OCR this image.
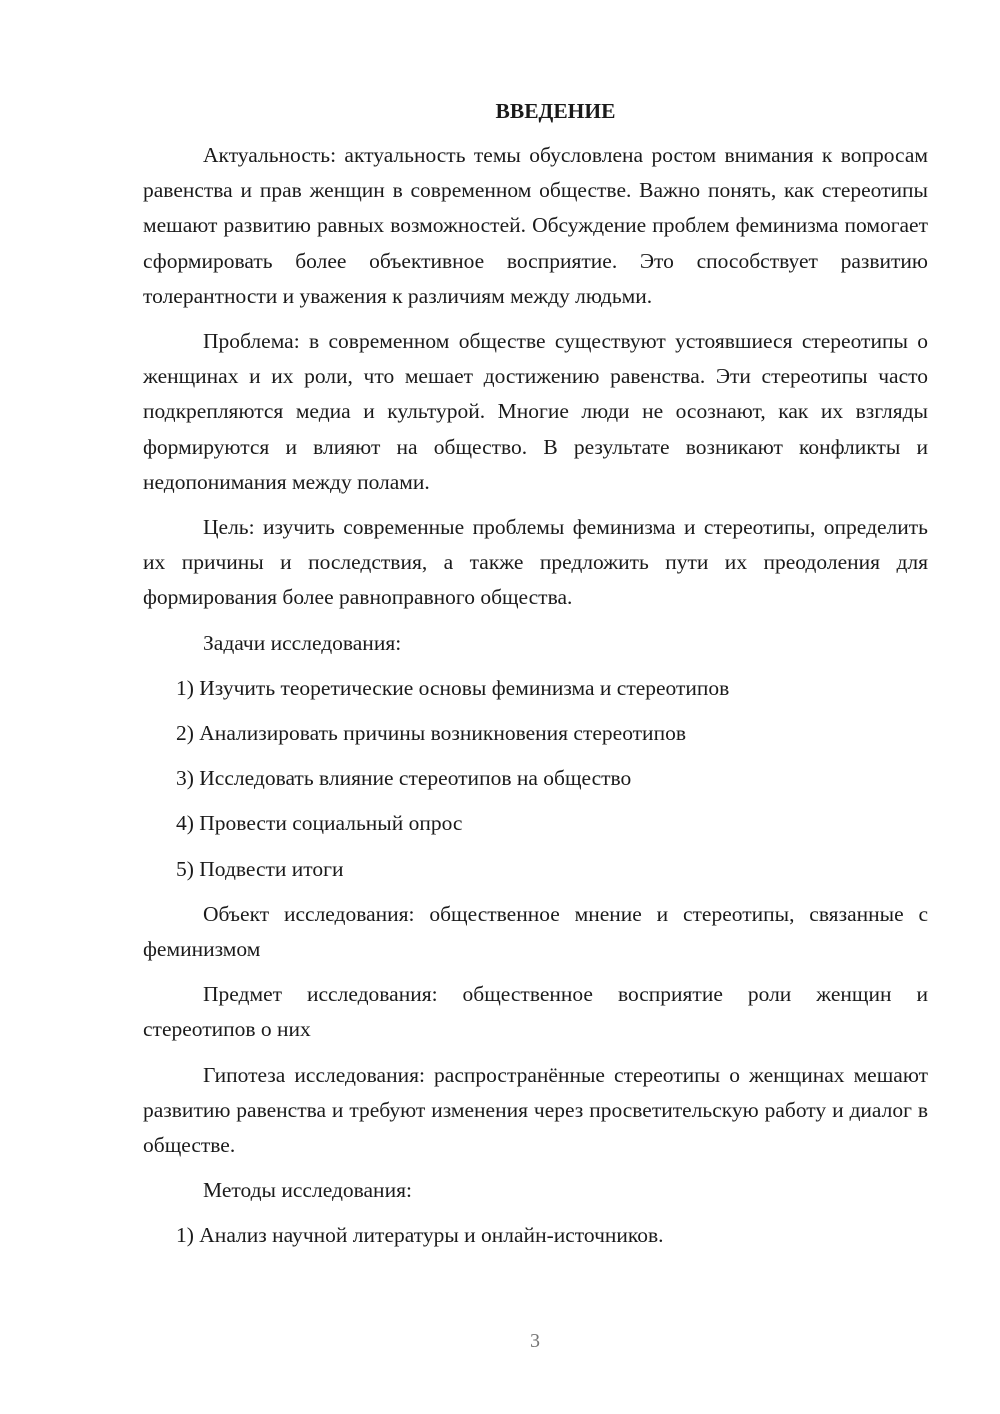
ВВЕДЕНИЕ

Актуальность: актуальность темы обусловлена ростом внимания к вопросам равенства и прав женщин в современном обществе. Важно понять, как стереотипы мешают развитию равных возможностей. Обсуждение проблем феминизма помогает сформировать более объективное восприятие. Это способствует развитию толерантности и уважения к различиям между людьми.

Проблема: в современном обществе существуют устоявшиеся стереотипы о женщинах и их роли, что мешает достижению равенства. Эти стереотипы часто подкрепляются медиа и культурой. Многие люди не осознают, как их взгляды формируются и влияют на общество. В результате возникают конфликты и недопонимания между полами.

Цель: изучить современные проблемы феминизма и стереотипы, определить их причины и последствия, а также предложить пути их преодоления для формирования более равноправного общества.

Задачи исследования:

1) Изучить теоретические основы феминизма и стереотипов
2) Анализировать причины возникновения стереотипов
3) Исследовать влияние стереотипов на общество
4) Провести социальный опрос
5) Подвести итоги

Объект исследования: общественное мнение и стереотипы, связанные с феминизмом

Предмет исследования: общественное восприятие роли женщин и стереотипов о них

Гипотеза исследования: распространённые стереотипы о женщинах мешают развитию равенства и требуют изменения через просветительскую работу и диалог в обществе.

Методы исследования:

1) Анализ научной литературы и онлайн-источников.
3
